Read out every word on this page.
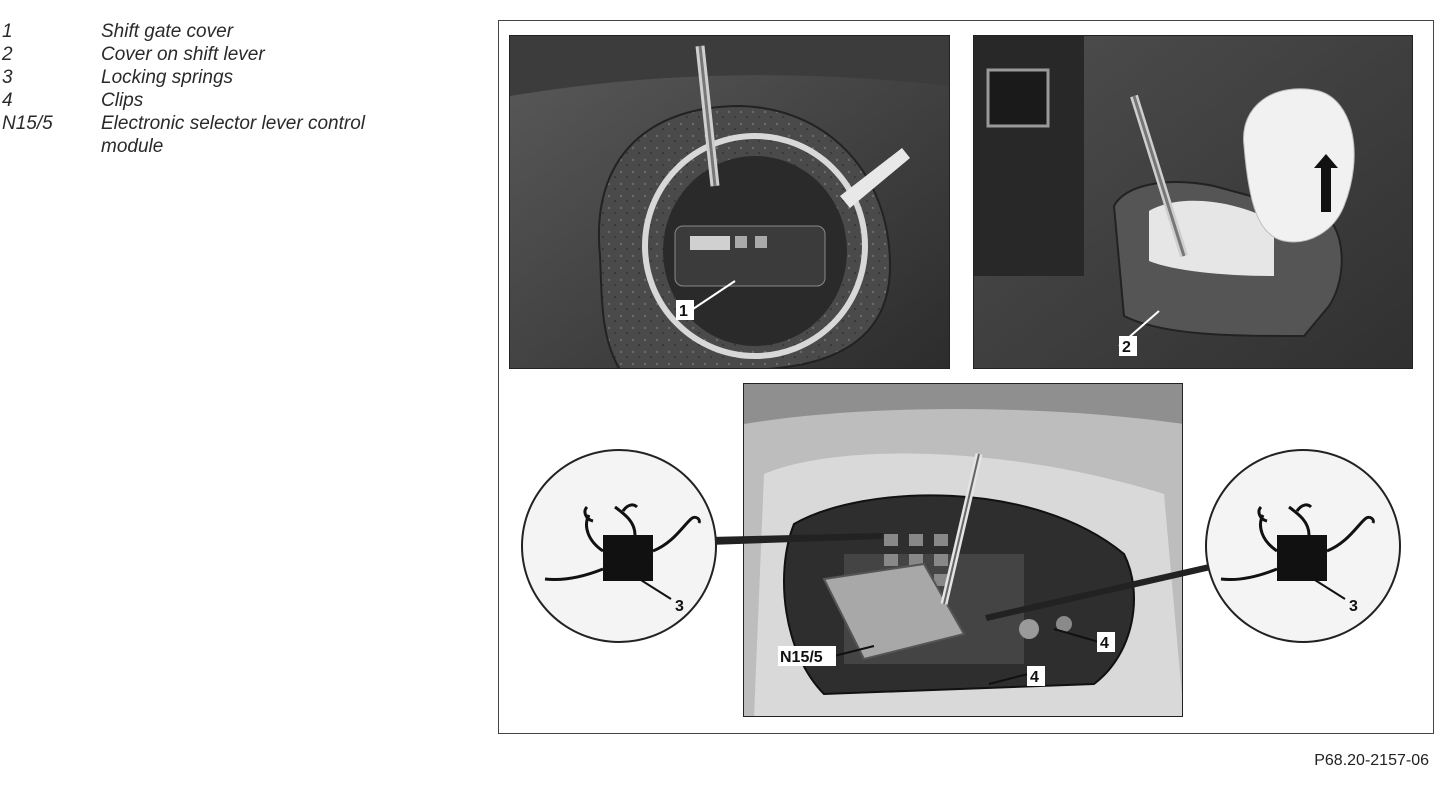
1	Shift gate cover
2	Cover on shift lever
3	Locking springs
4	Clips
N15/5	Electronic selector lever control module
1
2
N15/5
4
4
3	3
P68.20-2157-06
